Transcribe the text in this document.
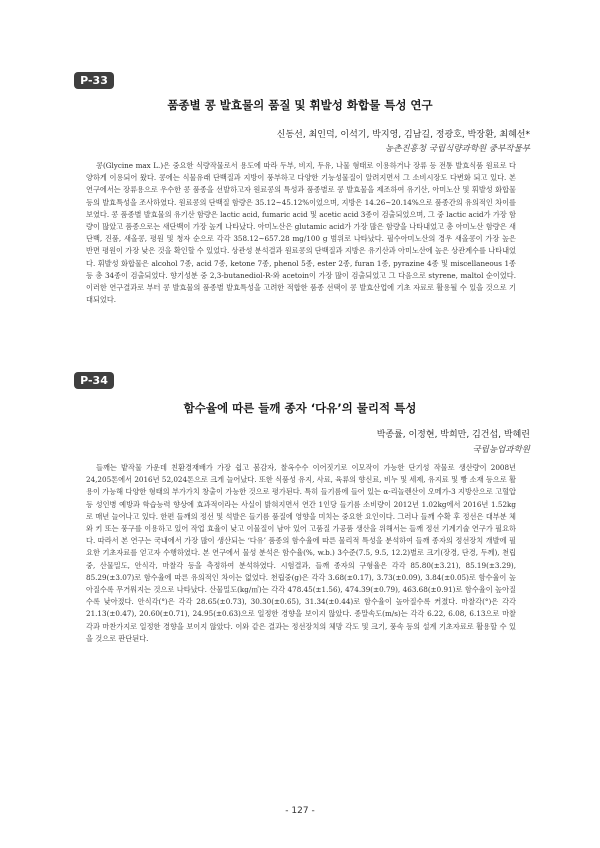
P-33
품종별 콩 발효물의 품질 및 휘발성 화합물 특성 연구
신동선, 최인덕, 이석기, 박지영, 김남길, 정광호, 박장환, 최혜선*
농촌진흥청 국립식량과학원 중부작물부

콩(Glycine max L.)은 중요한 식량작물로서 용도에 따라 두부, 비지, 두유, 나물 형태로 이용하거나 장류 등 전통 발효식품 원료로 다양하게 이용되어 왔다. 콩에는 식물유래 단백질과 지방이 풍부하고 다양한 기능성물질이 알려지면서 그 소비시장도 다변화 되고 있다. 본 연구에서는 장류용으로 우수한 콩 품종을 선발하고자 원료콩의 특성과 품종별로 콩 발효물을 제조하여 유기산, 아미노산 및 휘발성 화합물 등의 발효특성을 조사하였다. 원료콩의 단백질 함량은 35.12~45.12%이었으며, 지방은 14.26~20.14%으로 품종간의 유의적인 차이를 보였다. 콩 품종별 발효물의 유기산 함량은 lactic acid, fumaric acid 및 acetic acid 3종이 검출되었으며, 그 중 lactic acid가 가장 함량이 많았고 품종으로는 새단백이 가장 높게 나타났다. 아미노산은 glutamic acid가 가장 많은 함량을 나타내었고 총 아미노산 함량은 새단백, 진품, 새올콩, 평원 및 청자 순으로 각각 358.12~657.28 mg/100 g 범위로 나타났다. 필수아미노산의 경우 새올콩이 가장 높은 반면 평원이 가장 낮은 것을 확인할 수 있었다. 상관성 분석결과 원료콩의 단백질과 지방은 유기산과 아미노산에 높은 상관계수를 나타내었다. 휘발성 화합물은 alcohol 7종, acid 7종, ketone 7종, phenol 5종, ester 2종, furan 1종, pyrazine 4종 및 miscellaneous 1종 등 총 34종이 검출되었다. 향기성분 중 2,3-butanediol-R-와 acetoin이 가장 많이 검출되었고 그 다음으로 styrene, maltol 순이었다. 이러한 연구결과로 부터 콩 발효물의 품종별 발효특성을 고려한 적합한 품종 선택이 콩 발효산업에 기초 자료로 활용될 수 있을 것으로 기대되었다.

P-34
함수율에 따른 들깨 종자 ‘다유’의 물리적 특성
박종률, 이정현, 박희만, 김건섭, 박혜린
국립농업과학원

들깨는 밭작물 가운데 친환경재배가 가장 쉽고 봄감자, 찰옥수수 이어짓기로 이모작이 가능한 단기성 작물로 생산량이 2008년 24,205톤에서 2016년 52,024톤으로 크게 늘어났다. 또한 식품성 유지, 사료, 육류의 향신료, 비누 및 세제, 유지료 및 빵 소재 등으로 활용이 가능해 다양한 형태의 부가가치 창출이 가능한 것으로 평가된다. 특히 들기름에 들어 있는 α-리놀렌산이 오메가-3 지방산으로 고혈압 등 성인병 예방과 학습능력 향상에 효과적이라는 사실이 밝혀지면서 연간 1인당 들기름 소비량이 2012년 1.02kg에서 2016년 1.52kg로 매년 늘어나고 있다. 한편 들깨의 정선 및 석발은 들기름 품질에 영향을 미치는 중요한 요인이다. 그러나 들깨 수확 후 정선은 대부분 체와 키 또는 풍구를 이용하고 있어 작업 효율이 낮고 이물질이 남아 있어 고품질 가공품 생산을 위해서는 들깨 정선 기계기술 연구가 필요하다. 따라서 본 연구는 국내에서 가장 많이 생산되는 ‘다유’ 품종의 함수율에 따른 물리적 특성을 분석하여 들깨 종자의 정선장치 개발에 필요한 기초자료를 얻고자 수행하였다. 본 연구에서 물성 분석은 함수율(%, w.b.) 3수준(7.5, 9.5, 12.2)별로 크기(장경, 단경, 두께), 천립중, 산물밀도, 안식각, 마찰각 등을 측정하여 분석하였다. 시험결과, 들깨 종자의 구형율은 각각 85.80(±3.21), 85.19(±3.29), 85.29(±3.07)로 함수율에 따른 유의적인 차이는 없었다. 천립중(g)은 각각 3.68(±0.17), 3.73(±0.09), 3.84(±0.05)로 함수율이 높아질수록 무거워지는 것으로 나타났다. 산물밀도(kg/㎥)는 각각 478.45(±1.56), 474.39(±0.79), 463.68(±0.91)로 함수율이 높아질수록 낮아졌다. 안식각(°)은 각각 28.65(±0.73), 30.30(±0.65), 31.34(±0.44)로 함수율이 높아질수록 커졌다. 마찰각(°)은 각각 21.13(±0.47), 20.60(±0.71), 24.95(±0.63)으로 일정한 경향을 보이지 않았다. 종말속도(m/s)는 각각 6.22, 6.08, 6.13으로 마찰각과 마찬가지로 일정한 경향을 보이지 않았다. 이와 같은 결과는 정선장치의 체망 각도 및 크기, 풍속 등의 설계 기초자료로 활용할 수 있을 것으로 판단된다.

- 127 -
